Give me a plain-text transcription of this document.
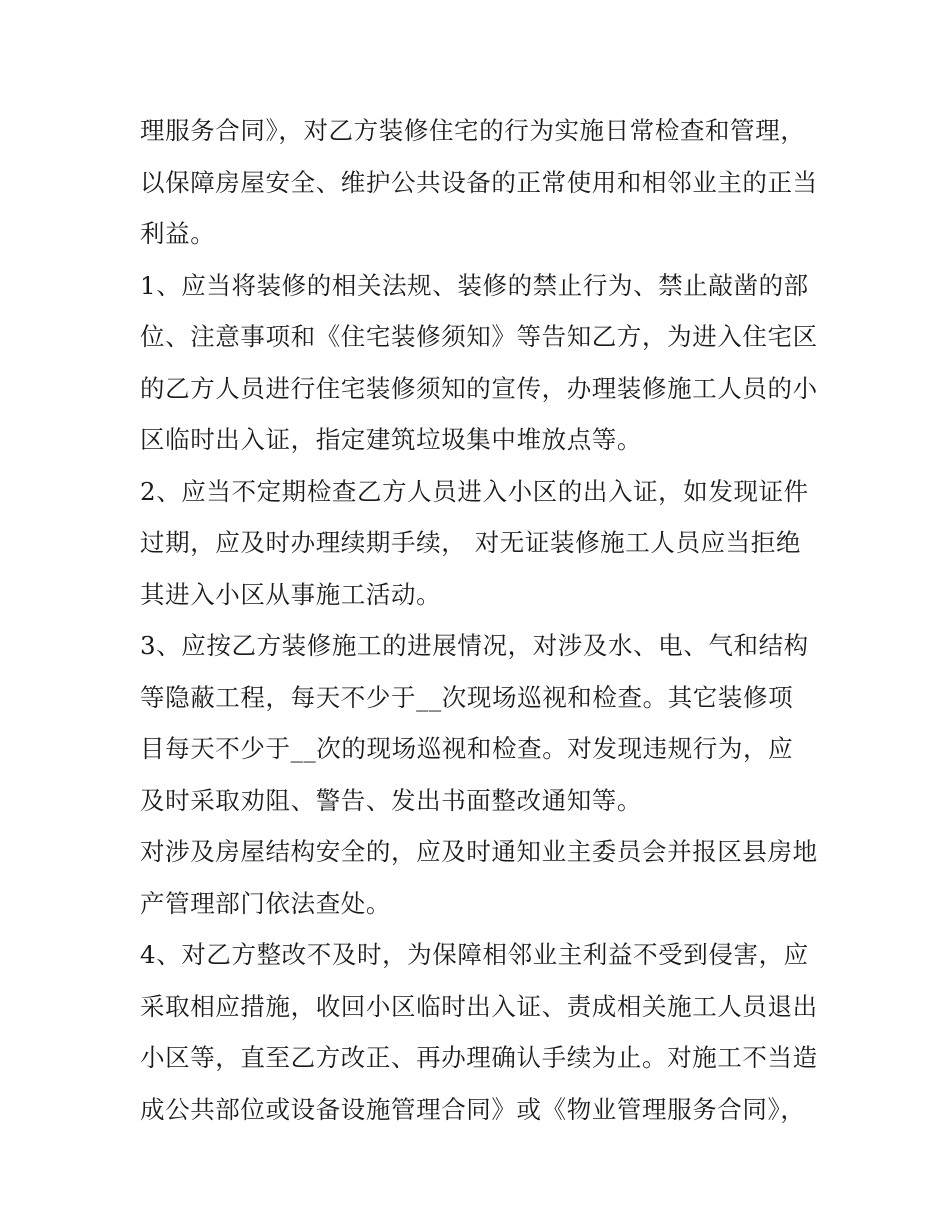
理服务合同》，对乙方装修住宅的行为实施日常检查和管理，
以保障房屋安全、维护公共设备的正常使用和相邻业主的正当
利益。
1、应当将装修的相关法规、装修的禁止行为、禁止敲凿的部
位、注意事项和《住宅装修须知》等告知乙方，为进入住宅区
的乙方人员进行住宅装修须知的宣传，办理装修施工人员的小
区临时出入证，指定建筑垃圾集中堆放点等。
2、应当不定期检查乙方人员进入小区的出入证，如发现证件
过期，应及时办理续期手续， 对无证装修施工人员应当拒绝
其进入小区从事施工活动。
3、应按乙方装修施工的进展情况，对涉及水、电、气和结构
等隐蔽工程，每天不少于__次现场巡视和检查。其它装修项
目每天不少于__次的现场巡视和检查。对发现违规行为，应
及时采取劝阻、警告、发出书面整改通知等。
对涉及房屋结构安全的，应及时通知业主委员会并报区县房地
产管理部门依法查处。
4、对乙方整改不及时，为保障相邻业主利益不受到侵害，应
采取相应措施，收回小区临时出入证、责成相关施工人员退出
小区等，直至乙方改正、再办理确认手续为止。对施工不当造
成公共部位或设备设施管理合同》或《物业管理服务合同》，
